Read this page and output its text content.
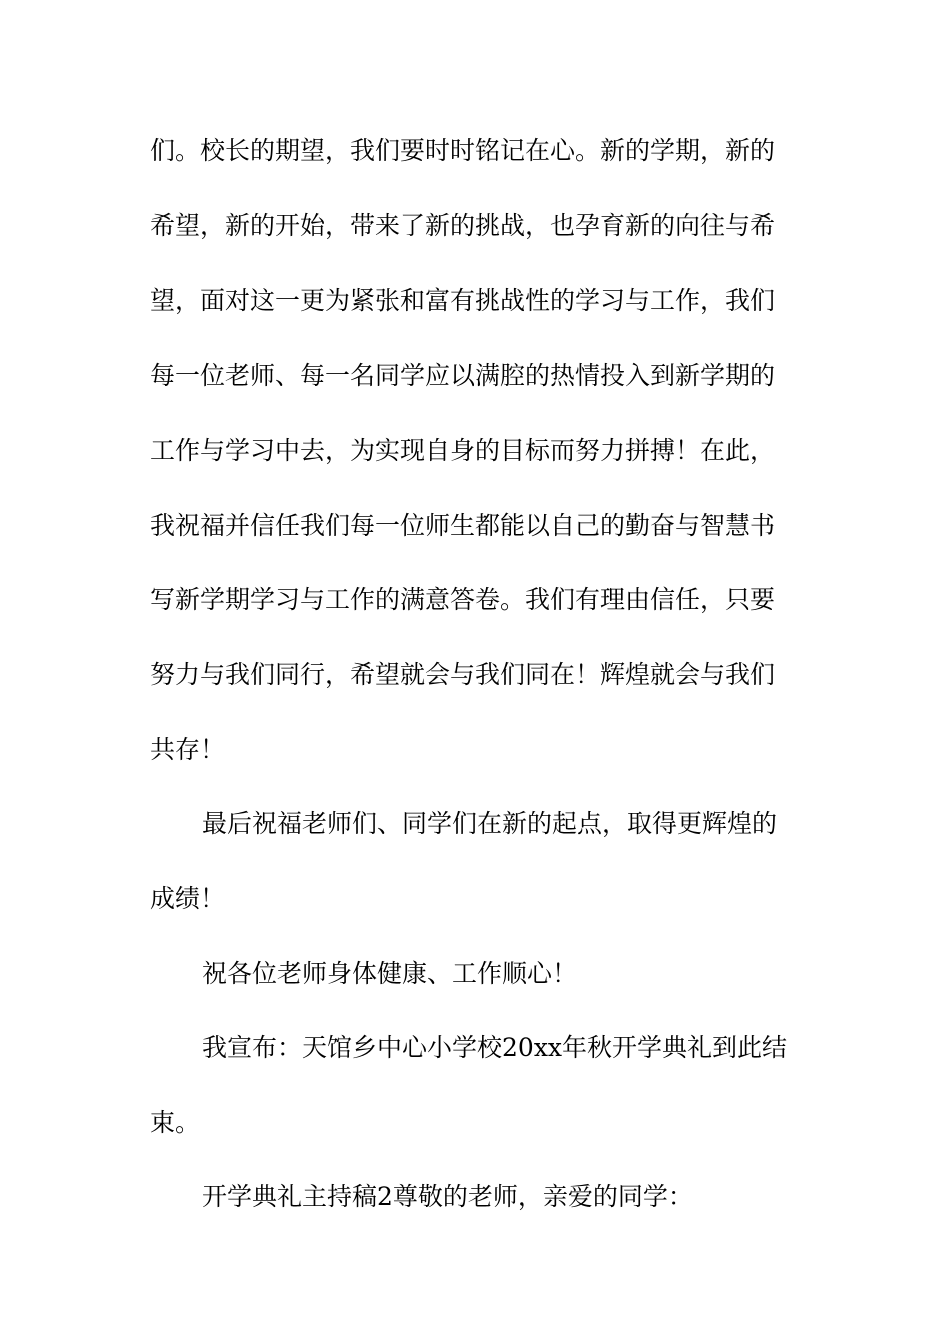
们。校长的期望，我们要时时铭记在心。新的学期，新的

希望，新的开始，带来了新的挑战，也孕育新的向往与希

望，面对这一更为紧张和富有挑战性的学习与工作，我们

每一位老师、每一名同学应以满腔的热情投入到新学期的

工作与学习中去，为实现自身的目标而努力拼搏！在此，

我祝福并信任我们每一位师生都能以自己的勤奋与智慧书

写新学期学习与工作的满意答卷。我们有理由信任，只要

努力与我们同行，希望就会与我们同在！辉煌就会与我们

共存！

最后祝福老师们、同学们在新的起点，取得更辉煌的

成绩！

祝各位老师身体健康、工作顺心！

我宣布：天馆乡中心小学校20xx年秋开学典礼到此结

束。

开学典礼主持稿2尊敬的老师，亲爱的同学：
